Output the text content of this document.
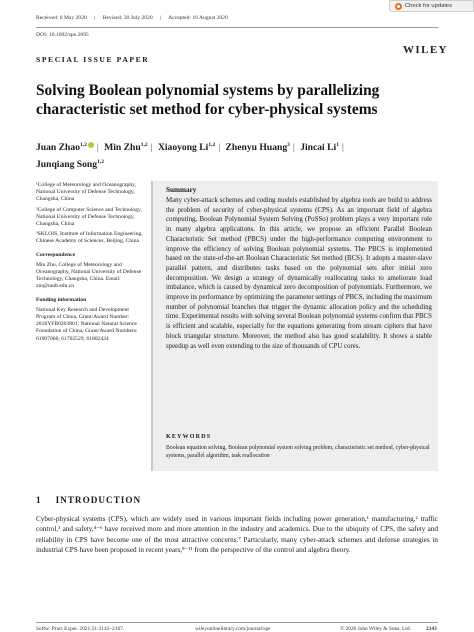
Check for updates
Received: 6 May 2020 | Revised: 30 July 2020 | Accepted: 16 August 2020
DOI: 10.1002/spe.2895
WILEY
SPECIAL ISSUE PAPER
Solving Boolean polynomial systems by parallelizing characteristic set method for cyber-physical systems
Juan Zhao$^{1,2}$ | Min Zhu$^{1,2}$ | Xiaoyong Li$^{1,2}$ | Zhenyu Huang$^3$ | Jincai Li$^1$ |
Junqiang Song$^{1,2}$

¹College of Meteorology and Oceanography, National University of Defense Technology, Changsha, China

²College of Computer Science and Technology, National University of Defense Technology, Changsha, China

³SKLOIS, Institute of Information Engineering, Chinese Academy of Sciences, Beijing, China

Correspondence

Min Zhu, College of Meteorology and Oceanography, National University of Defense Technology, Changsha, China. Email: zm@nudt.edu.cn

Funding information

National Key Research and Development Program of China, Grant/Award Number: 2018YFB0203801; National Natural Science Foundation of China, Grant/Award Numbers: 61907060, 61702529, 61802424

Summary
Many cyber-attack schemes and coding models established by algebra tools are build to address the problem of security of cyber-physical systems (CPS). As an important field of algebra computing, Boolean Polynomial System Solving (PoSSo) problem plays a very important role in many algebra applications. In this article, we propose an efficient Parallel Boolean Characteristic Set method (PBCS) under the high-performance computing environment to improve the efficiency of solving Boolean polynomial systems. The PBCS is implemented based on the state-of-the-art Boolean Characteristic Set method (BCS). It adopts a master-slave parallel pattern, and distributes tasks based on the polynomial sets after initial zero decomposition. We design a strategy of dynamically reallocating tasks to ameliorate load imbalance, which is caused by dynamical zero decomposition of polynomials. Furthermore, we improve its performance by optimizing the parameter settings of PBCS, including the maximum number of polynomial branches that trigger the dynamic allocation policy and the scheduling time. Experimental results with solving several Boolean polynomial systems confirm that PBCS is efficient and scalable, especially for the equations generating from stream ciphers that have block triangular structure. Moreover, the method also has good scalability. It shows a stable speedup as well even extending to the size of thousands of CPU cores.
KEYWORDS
Boolean equation solving, Boolean polynomial system solving problem, characteristic set method, cyber-physical systems, parallel algorithm, task reallocation
1 INTRODUCTION
Cyber-physical systems (CPS), which are widely used in various important fields including power generation,¹ manufacturing,² traffic control,³ and safety,⁴⁻⁶ have received more and more attention in the industry and academics. Due to the ubiquity of CPS, the safety and reliability in CPS have become one of the most attractive concerns.⁷ Particularly, many cyber-attack schemes and defense strategies in industrial CPS have been proposed in recent years,⁸⁻¹¹ from the perspective of the control and algebra theory.
Softw: Pract Exper. 2021;51:2143–2167.	wileyonlinelibrary.com/journal/spe	© 2020 John Wiley & Sons, Ltd.	2143
